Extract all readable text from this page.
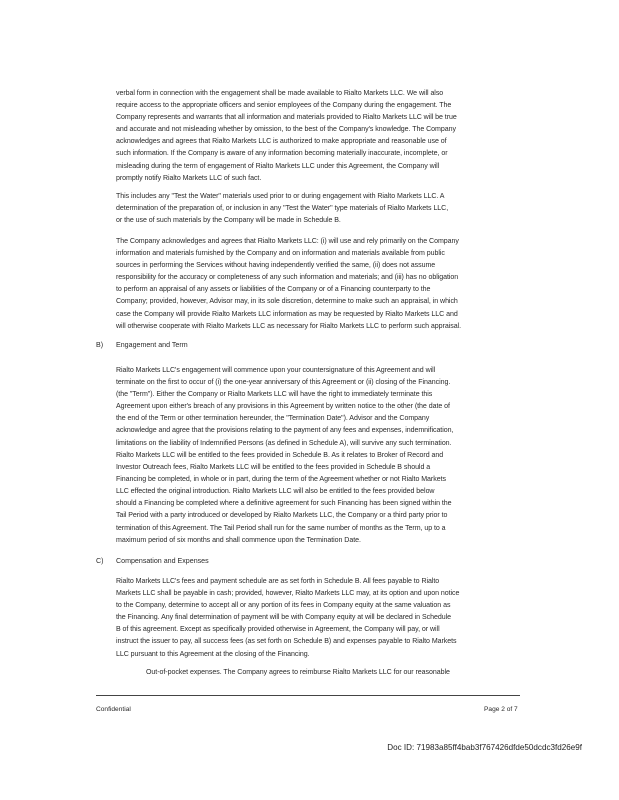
verbal form in connection with the engagement shall be made available to Rialto Markets LLC. We will also
require access to the appropriate officers and senior employees of the Company during the engagement. The
Company represents and warrants that all information and materials provided to Rialto Markets LLC will be true
and accurate and not misleading whether by omission, to the best of the Company's knowledge. The Company
acknowledges and agrees that Rialto Markets LLC is authorized to make appropriate and reasonable use of
such information. If the Company is aware of any information becoming materially inaccurate, incomplete, or
misleading during the term of engagement of Rialto Markets LLC under this Agreement, the Company will
promptly notify Rialto Markets LLC of such fact.
This includes any "Test the Water" materials used prior to or during engagement with Rialto Markets LLC. A
determination of the preparation of, or inclusion in any "Test the Water" type materials of Rialto Markets LLC,
or the use of such materials by the Company will be made in Schedule B.
The Company acknowledges and agrees that Rialto Markets LLC: (i) will use and rely primarily on the Company
information and materials furnished by the Company and on information and materials available from public
sources in performing the Services without having independently verified the same, (ii) does not assume
responsibility for the accuracy or completeness of any such information and materials; and (iii) has no obligation
to perform an appraisal of any assets or liabilities of the Company or of a Financing counterparty to the
Company; provided, however, Advisor may, in its sole discretion, determine to make such an appraisal, in which
case the Company will provide Rialto Markets LLC information as may be requested by Rialto Markets LLC and
will otherwise cooperate with Rialto Markets LLC as necessary for Rialto Markets LLC to perform such appraisal.
B) Engagement and Term
Rialto Markets LLC's engagement will commence upon your countersignature of this Agreement and will
terminate on the first to occur of (i) the one-year anniversary of this Agreement or (ii) closing of the Financing.
(the "Term"). Either the Company or Rialto Markets LLC will have the right to immediately terminate this
Agreement upon either's breach of any provisions in this Agreement by written notice to the other (the date of
the end of the Term or other termination hereunder, the "Termination Date"). Advisor and the Company
acknowledge and agree that the provisions relating to the payment of any fees and expenses, indemnification,
limitations on the liability of Indemnified Persons (as defined in Schedule A), will survive any such termination.
Rialto Markets LLC will be entitled to the fees provided in Schedule B. As it relates to Broker of Record and
Investor Outreach fees, Rialto Markets LLC will be entitled to the fees provided in Schedule B should a
Financing be completed, in whole or in part, during the term of the Agreement whether or not Rialto Markets
LLC effected the original introduction. Rialto Markets LLC will also be entitled to the fees provided below
should a Financing be completed where a definitive agreement for such Financing has been signed within the
Tail Period with a party introduced or developed by Rialto Markets LLC, the Company or a third party prior to
termination of this Agreement. The Tail Period shall run for the same number of months as the Term, up to a
maximum period of six months and shall commence upon the Termination Date.
C) Compensation and Expenses
Rialto Markets LLC's fees and payment schedule are as set forth in Schedule B. All fees payable to Rialto
Markets LLC shall be payable in cash; provided, however, Rialto Markets LLC may, at its option and upon notice
to the Company, determine to accept all or any portion of its fees in Company equity at the same valuation as
the Financing. Any final determination of payment will be with Company equity at will be declared in Schedule
B of this agreement. Except as specifically provided otherwise in Agreement, the Company will pay, or will
instruct the issuer to pay, all success fees (as set forth on Schedule B) and expenses payable to Rialto Markets
LLC pursuant to this Agreement at the closing of the Financing.
Out-of-pocket expenses. The Company agrees to reimburse Rialto Markets LLC for our reasonable
Confidential	Page 2 of 7
Doc ID: 71983a85ff4bab3f767426dfde50dcdc3fd26e9f
